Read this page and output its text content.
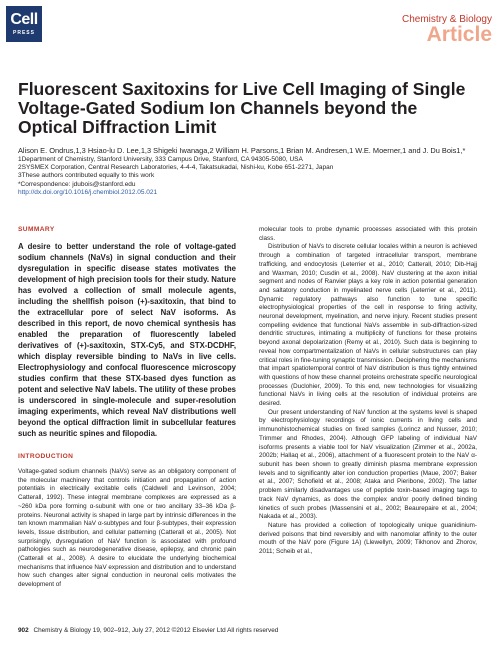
Cell
PRESS
Chemistry & Biology
Article
Fluorescent Saxitoxins for Live Cell Imaging of Single Voltage-Gated Sodium Ion Channels beyond the Optical Diffraction Limit

Alison E. Ondrus,1,3 Hsiao-lu D. Lee,1,3 Shigeki Iwanaga,2 William H. Parsons,1 Brian M. Andresen,1 W.E. Moerner,1 and J. Du Bois1,*

1Department of Chemistry, Stanford University, 333 Campus Drive, Stanford, CA 94305-5080, USA

2SYSMEX Corporation, Central Research Laboratories, 4-4-4, Takatsukadai, Nishi-ku, Kobe 651-2271, Japan

3These authors contributed equally to this work

*Correspondence: jdubois@stanford.edu

http://dx.doi.org/10.1016/j.chembiol.2012.05.021

SUMMARY

A desire to better understand the role of voltage-gated sodium channels (NaVs) in signal conduction and their dysregulation in specific disease states motivates the development of high precision tools for their study. Nature has evolved a collection of small molecule agents, including the shellfish poison (+)-saxitoxin, that bind to the extracellular pore of select NaV isoforms. As described in this report, de novo chemical synthesis has enabled the preparation of fluorescently labeled derivatives of (+)-saxitoxin, STX-Cy5, and STX-DCDHF, which display reversible binding to NaVs in live cells. Electrophysiology and confocal fluorescence microscopy studies confirm that these STX-based dyes function as potent and selective NaV labels. The utility of these probes is underscored in single-molecule and super-resolution imaging experiments, which reveal NaV distributions well beyond the optical diffraction limit in subcellular features such as neuritic spines and filopodia.

INTRODUCTION

Voltage-gated sodium channels (NaVs) serve as an obligatory component of the molecular machinery that controls initiation and propagation of action potentials in electrically excitable cells (Caldwell and Levinson, 2004; Catterall, 1992). These integral membrane complexes are expressed as a ~260 kDa pore forming α-subunit with one or two ancillary 33–36 kDa β-proteins. Neuronal activity is shaped in large part by intrinsic differences in the ten known mammalian NaV α-subtypes and four β-subtypes, their expression levels, tissue distribution, and cellular patterning (Catterall et al., 2005). Not surprisingly, dysregulation of NaV function is associated with profound pathologies such as neurodegenerative disease, epilepsy, and chronic pain (Catterall et al., 2008). A desire to elucidate the underlying biochemical mechanisms that influence NaV expression and distribution and to understand how such changes alter signal conduction in neuronal cells motivates the development of

molecular tools to probe dynamic processes associated with this protein class.

Distribution of NaVs to discrete cellular locales within a neuron is achieved through a combination of targeted intracellular transport, membrane trafficking, and endocytosis (Leterrier et al., 2010; Catterall, 2010; Dib-Hajj and Waxman, 2010; Cusdin et al., 2008). NaV clustering at the axon initial segment and nodes of Ranvier plays a key role in action potential generation and saltatory conduction in myelinated nerve cells (Leterrier et al., 2011). Dynamic regulatory pathways also function to tune specific electrophysiological properties of the cell in response to firing activity, neuronal development, myelination, and nerve injury. Recent studies present compelling evidence that functional NaVs assemble in sub-diffraction-sized dendritic structures, intimating a multiplicity of functions for these proteins beyond axonal depolarization (Remy et al., 2010). Such data is beginning to reveal how compartmentalization of NaVs in cellular substructures can play critical roles in fine-tuning synaptic transmission. Deciphering the mechanisms that impart spatiotemporal control of NaV distribution is thus tightly entwined with questions of how these channel proteins orchestrate specific neurological processes (Duclohier, 2009). To this end, new technologies for visualizing functional NaVs in living cells at the resolution of individual proteins are desired.

Our present understanding of NaV function at the systems level is shaped by electrophysiology recordings of ionic currents in living cells and immunohistochemical studies on fixed samples (Lorincz and Nusser, 2010; Trimmer and Rhodes, 2004). Although GFP labeling of individual NaV isoforms presents a viable tool for NaV visualization (Zimmer et al., 2002a, 2002b; Hallaq et al., 2006), attachment of a fluorescent protein to the NaV α-subunit has been shown to greatly diminish plasma membrane expression levels and to significantly alter ion conduction properties (Maue, 2007; Baker et al., 2007; Schofield et al., 2008; Ataka and Pieribone, 2002). The latter problem similarly disadvantages use of peptide toxin-based imaging tags to track NaV dynamics, as does the complex and/or poorly defined binding kinetics of such probes (Massensini et al., 2002; Beaurepaire et al., 2004; Nakada et al., 2003).

Nature has provided a collection of topologically unique guanidinium-derived poisons that bind reversibly and with nanomolar affinity to the outer mouth of the NaV pore (Figure 1A) (Llewellyn, 2009; Tikhonov and Zhorov, 2011; Scheib et al.,

902 Chemistry & Biology 19, 902–912, July 27, 2012 ©2012 Elsevier Ltd All rights reserved
